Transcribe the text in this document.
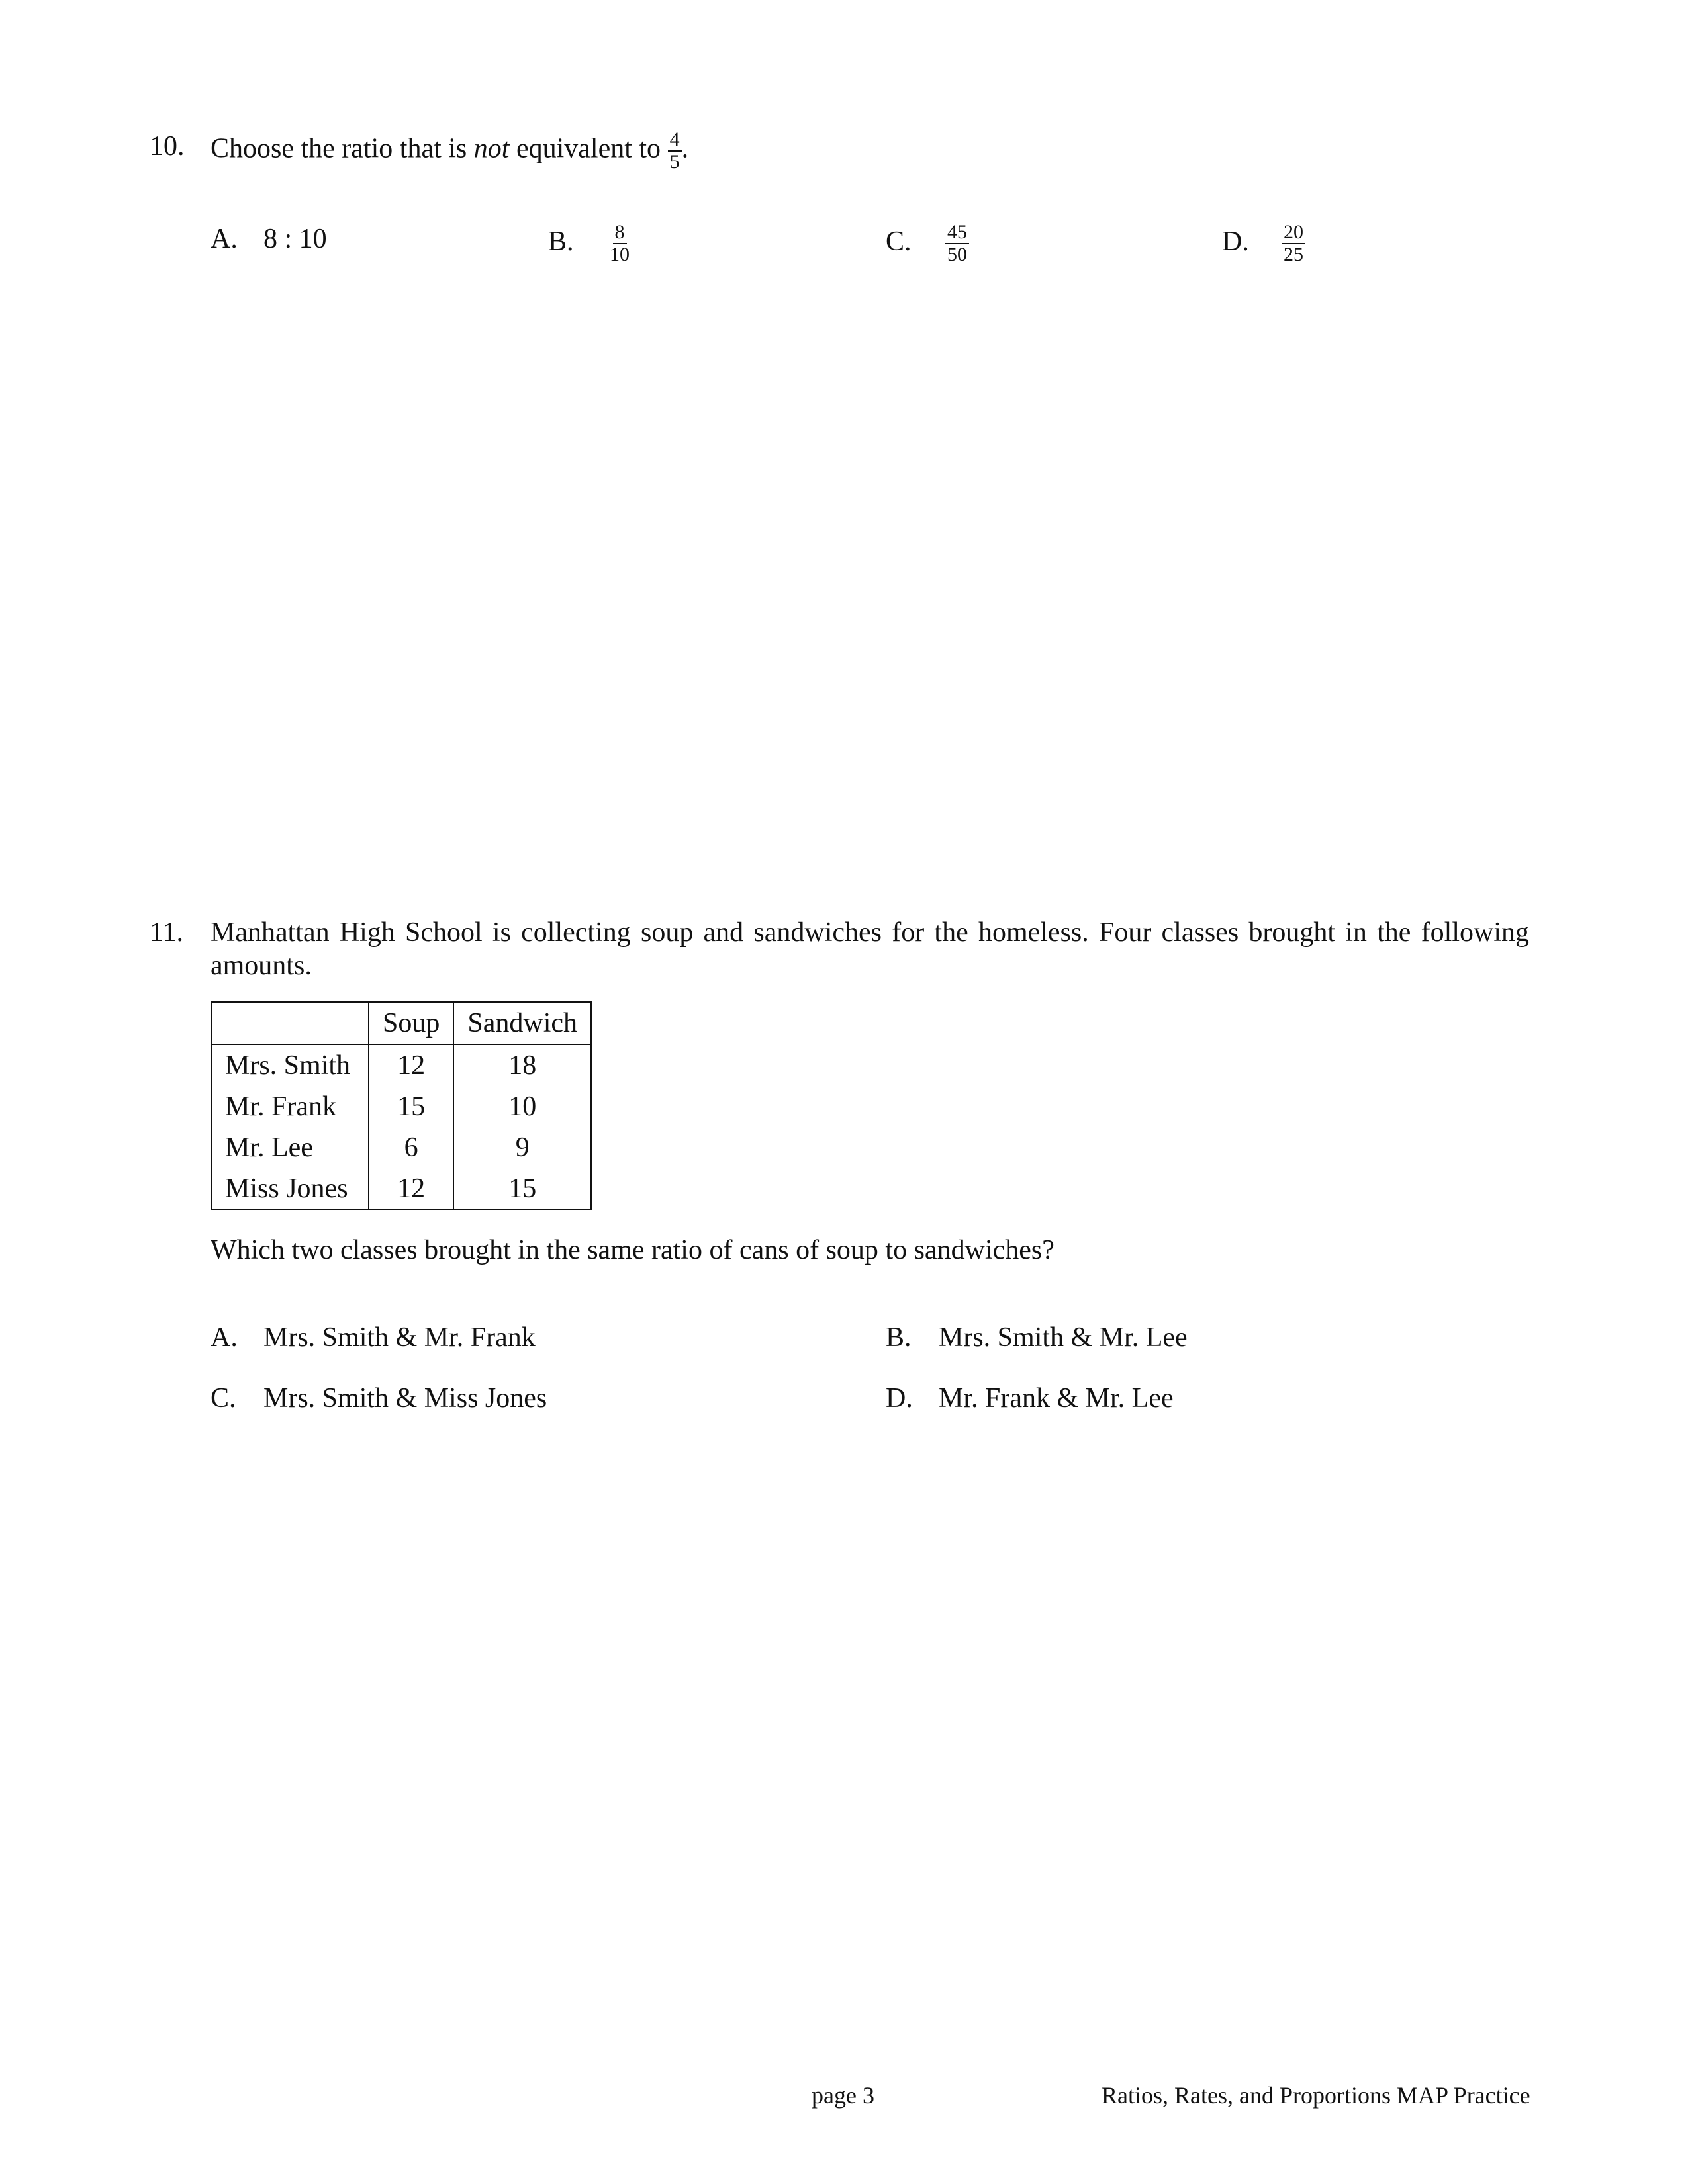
10. Choose the ratio that is not equivalent to $\frac{4}{5}$ .
A. 8 : 10	B. $\frac{8}{10}$	C. $\frac{45}{50}$	D. $\frac{20}{25}$
11. Manhattan High School is collecting soup and sandwiches for the homeless. Four classes brought in the following
amounts.
	Soup	Sandwich
Mrs. Smith	12	18
Mr. Frank	15	10
Mr. Lee	6	9
Miss Jones	12	15
Which two classes brought in the same ratio of cans of soup to sandwiches?
A. Mrs. Smith & Mr. Frank	B. Mrs. Smith & Mr. Lee
C. Mrs. Smith & Miss Jones	D. Mr. Frank & Mr. Lee
page 3	Ratios, Rates, and Proportions MAP Practice
